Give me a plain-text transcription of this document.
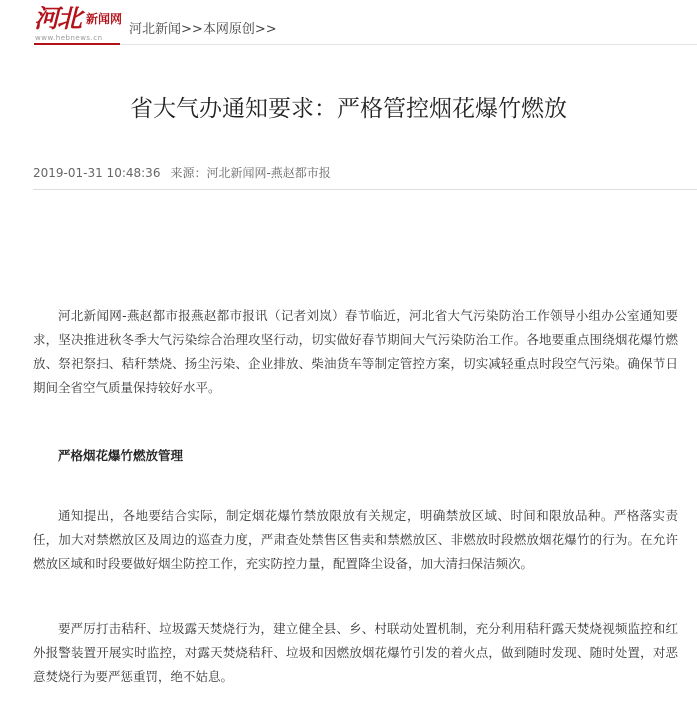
河北 新闻网
www.hebnews.cn
河北新闻>>本网原创>>
省大气办通知要求：严格管控烟花爆竹燃放
2019-01-31 10:48:36 来源：河北新闻网-燕赵都市报

河北新闻网-燕赵都市报燕赵都市报讯（记者刘岚）春节临近，河北省大气污染防治工作领导小组办公室通知要求，坚决推进秋冬季大气污染综合治理攻坚行动，切实做好春节期间大气污染防治工作。各地要重点围绕烟花爆竹燃放、祭祀祭扫、秸秆禁烧、扬尘污染、企业排放、柴油货车等制定管控方案，切实减轻重点时段空气污染。确保节日期间全省空气质量保持较好水平。

严格烟花爆竹燃放管理

通知提出，各地要结合实际，制定烟花爆竹禁放限放有关规定，明确禁放区域、时间和限放品种。严格落实责任，加大对禁燃放区及周边的巡查力度，严肃查处禁售区售卖和禁燃放区、非燃放时段燃放烟花爆竹的行为。在允许燃放区域和时段要做好烟尘防控工作，充实防控力量，配置降尘设备，加大清扫保洁频次。

要严厉打击秸秆、垃圾露天焚烧行为，建立健全县、乡、村联动处置机制，充分利用秸秆露天焚烧视频监控和红外报警装置开展实时监控，对露天焚烧秸秆、垃圾和因燃放烟花爆竹引发的着火点，做到随时发现、随时处置，对恶意焚烧行为要严惩重罚，绝不姑息。
